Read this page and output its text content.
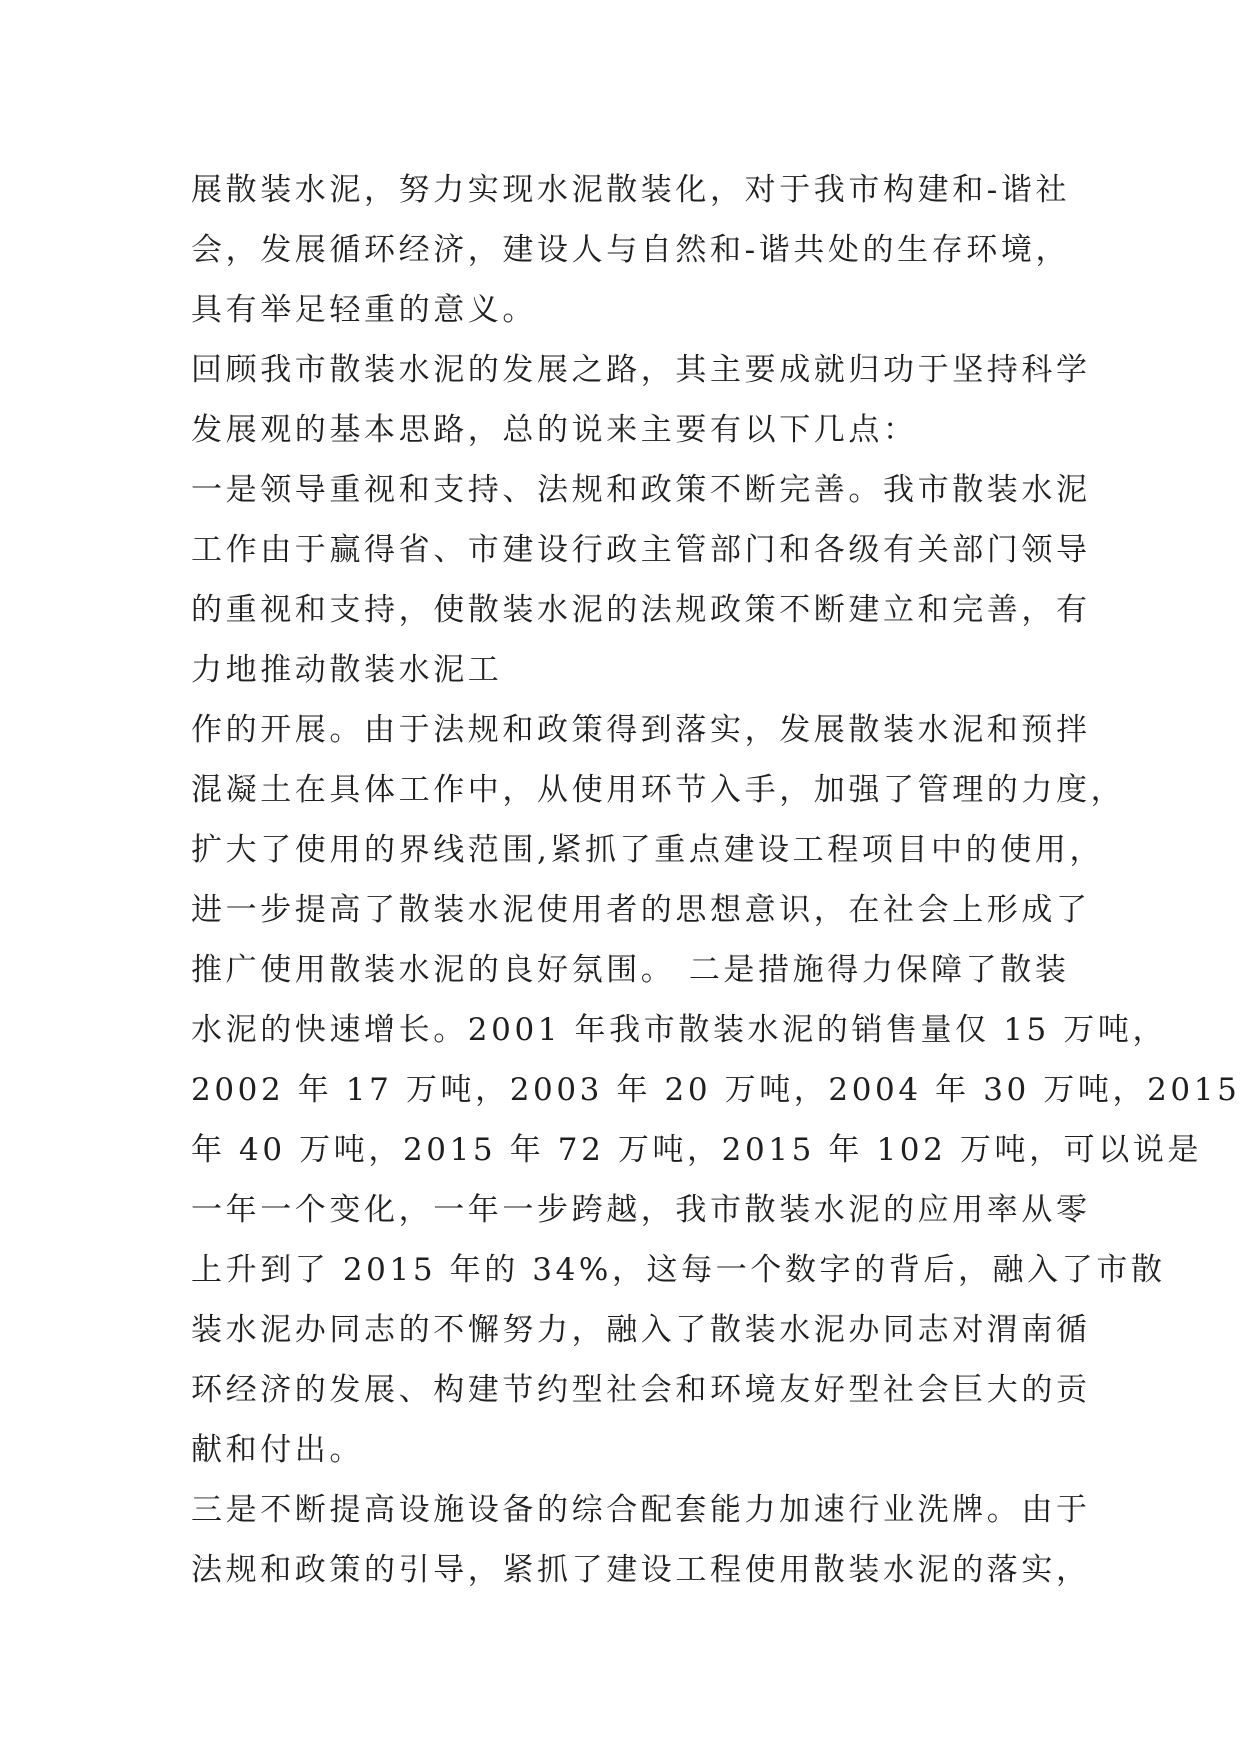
展散装水泥，努力实现水泥散装化，对于我市构建和-谐社
会，发展循环经济，建设人与自然和-谐共处的生存环境，
具有举足轻重的意义。
回顾我市散装水泥的发展之路，其主要成就归功于坚持科学
发展观的基本思路，总的说来主要有以下几点：
一是领导重视和支持、法规和政策不断完善。我市散装水泥
工作由于赢得省、市建设行政主管部门和各级有关部门领导
的重视和支持，使散装水泥的法规政策不断建立和完善，有
力地推动散装水泥工
作的开展。由于法规和政策得到落实，发展散装水泥和预拌
混凝土在具体工作中，从使用环节入手，加强了管理的力度，
扩大了使用的界线范围,紧抓了重点建设工程项目中的使用，
进一步提高了散装水泥使用者的思想意识，在社会上形成了
推广使用散装水泥的良好氛围。 二是措施得力保障了散装
水泥的快速增长。2001 年我市散装水泥的销售量仅 15 万吨，
2002 年 17 万吨，2003 年 20 万吨，2004 年 30 万吨，2015
年 40 万吨，2015 年 72 万吨，2015 年 102 万吨，可以说是
一年一个变化，一年一步跨越，我市散装水泥的应用率从零
上升到了 2015 年的 34%，这每一个数字的背后，融入了市散
装水泥办同志的不懈努力，融入了散装水泥办同志对渭南循
环经济的发展、构建节约型社会和环境友好型社会巨大的贡
献和付出。
三是不断提高设施设备的综合配套能力加速行业洗牌。由于
法规和政策的引导，紧抓了建设工程使用散装水泥的落实，
